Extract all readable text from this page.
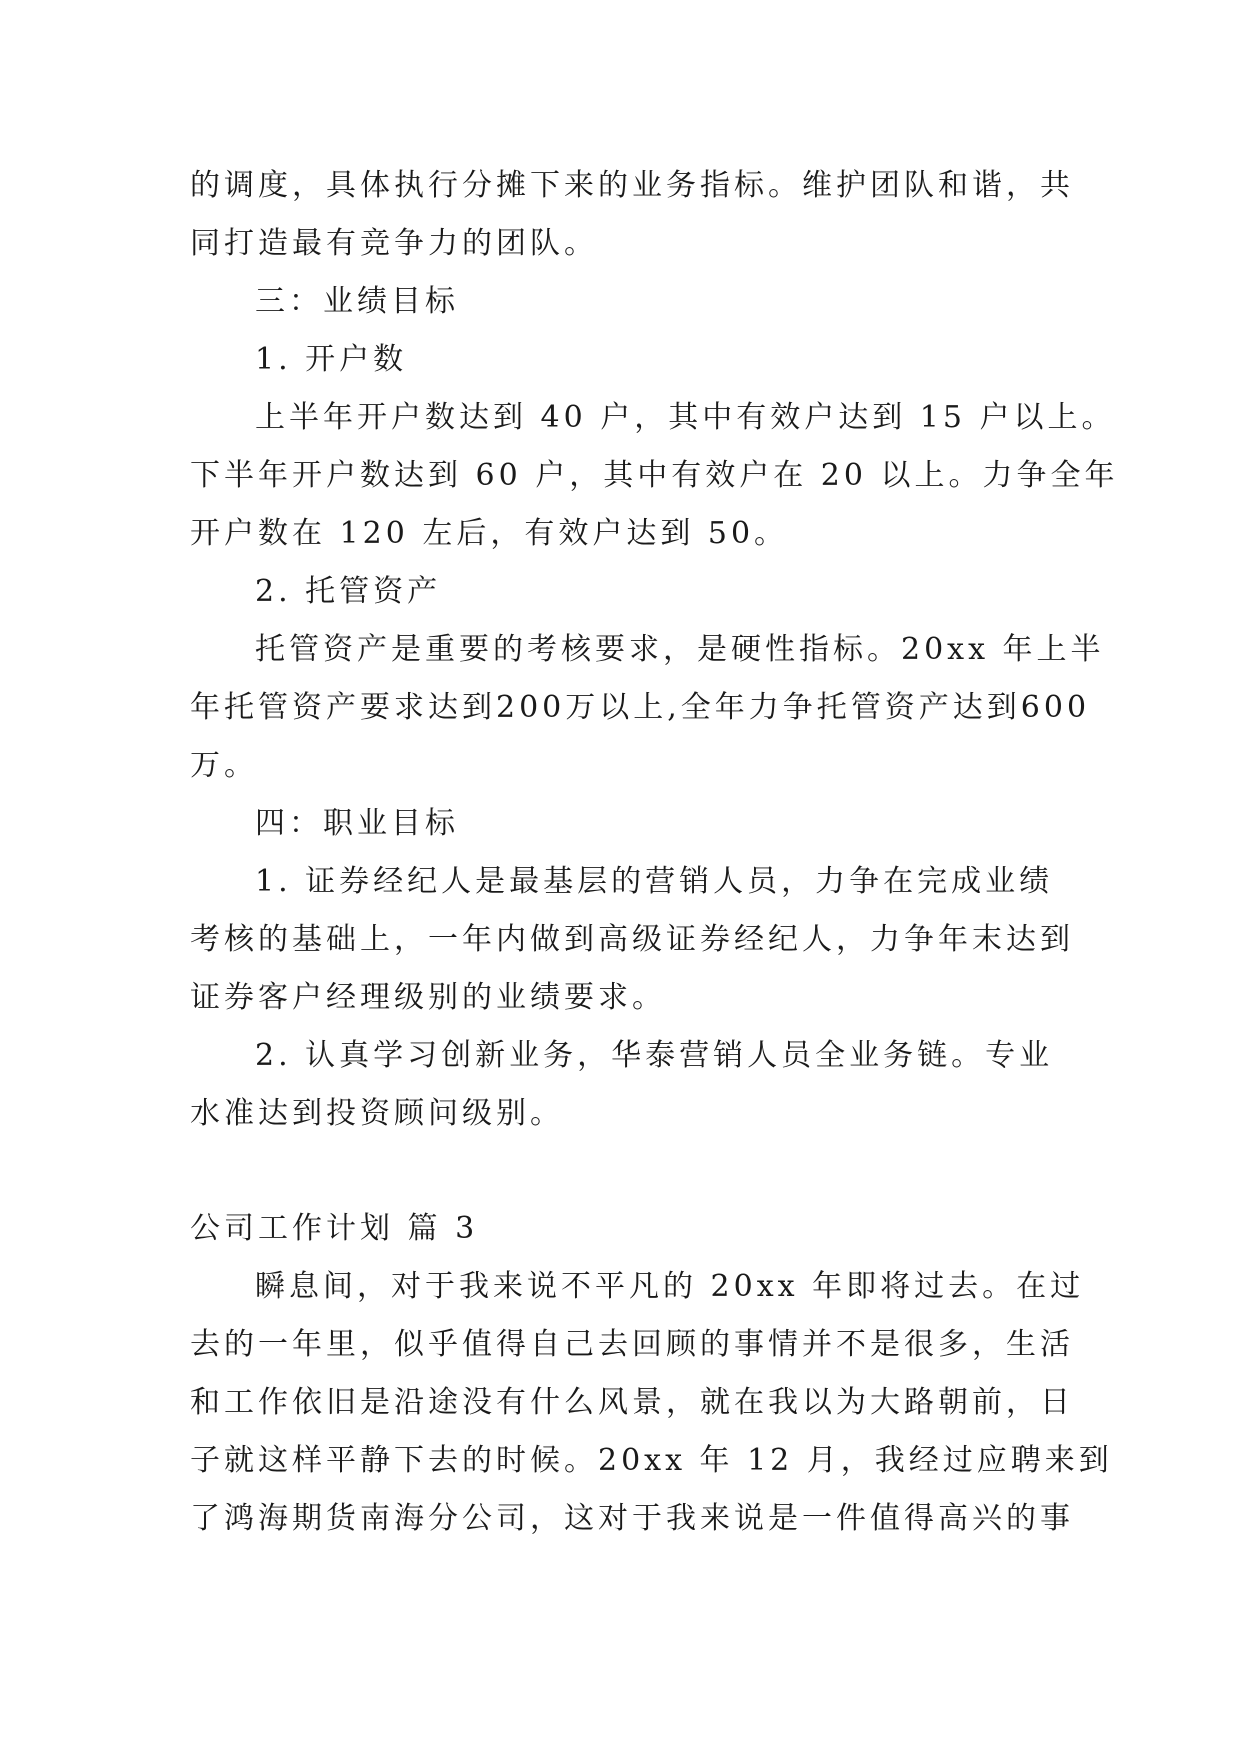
的调度，具体执行分摊下来的业务指标。维护团队和谐，共
同打造最有竞争力的团队。
三：业绩目标
1. 开户数
上半年开户数达到 40 户，其中有效户达到 15 户以上。
下半年开户数达到 60 户，其中有效户在 20 以上。力争全年
开户数在 120 左后，有效户达到 50。
2. 托管资产
托管资产是重要的考核要求，是硬性指标。20xx 年上半
年托管资产要求达到200万以上,全年力争托管资产达到600
万。
四：职业目标
1. 证券经纪人是最基层的营销人员，力争在完成业绩
考核的基础上，一年内做到高级证券经纪人，力争年末达到
证券客户经理级别的业绩要求。
2. 认真学习创新业务，华泰营销人员全业务链。专业
水准达到投资顾问级别。
公司工作计划 篇 3
瞬息间，对于我来说不平凡的 20xx 年即将过去。在过
去的一年里，似乎值得自己去回顾的事情并不是很多，生活
和工作依旧是沿途没有什么风景，就在我以为大路朝前，日
子就这样平静下去的时候。20xx 年 12 月，我经过应聘来到
了鸿海期货南海分公司，这对于我来说是一件值得高兴的事
